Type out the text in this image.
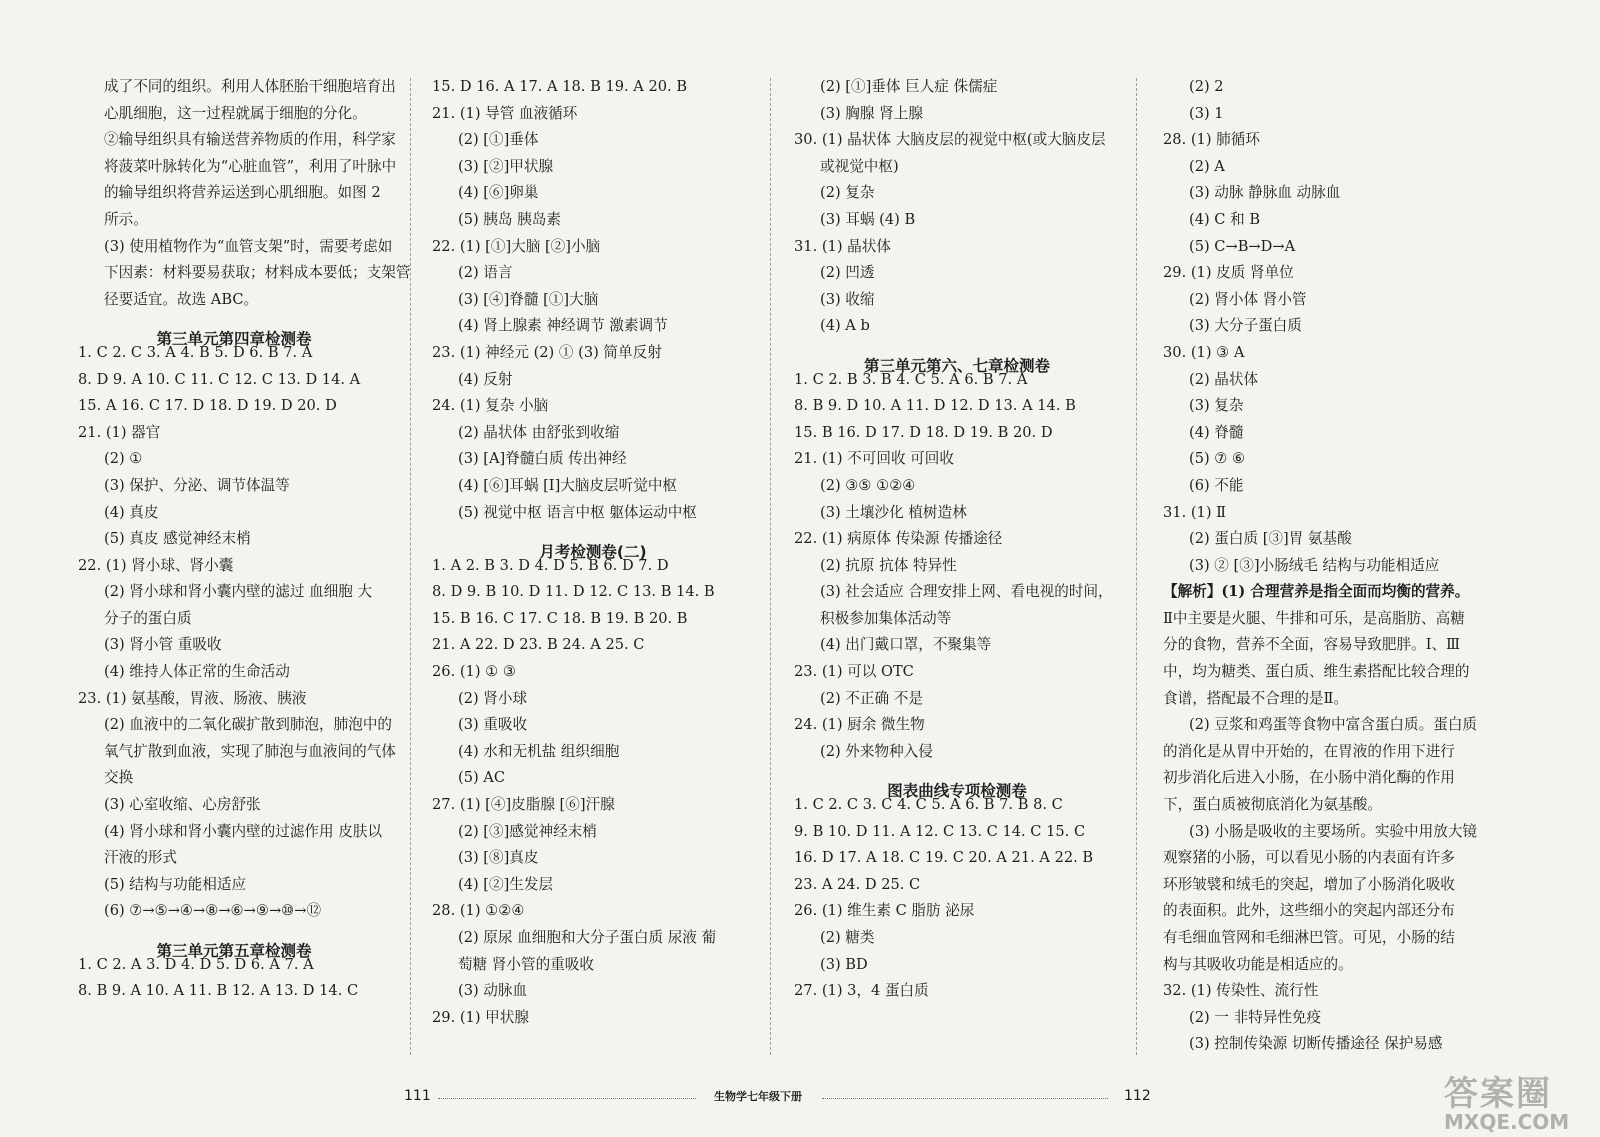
成了不同的组织。利用人体胚胎干细胞培育出
心肌细胞，这一过程就属于细胞的分化。
②输导组织具有输送营养物质的作用，科学家
将菠菜叶脉转化为“心脏血管”，利用了叶脉中
的输导组织将营养运送到心肌细胞。如图 2
所示。
(3) 使用植物作为“血管支架”时，需要考虑如
下因素：材料要易获取；材料成本要低；支架管
径要适宜。故选 ABC。
第三单元第四章检测卷
1. C 2. C 3. A 4. B 5. D 6. B 7. A
8. D 9. A 10. C 11. C 12. C 13. D 14. A
15. A 16. C 17. D 18. D 19. D 20. D
21. (1) 器官
(2) ①
(3) 保护、分泌、调节体温等
(4) 真皮
(5) 真皮 感觉神经末梢
22. (1) 肾小球、肾小囊
(2) 肾小球和肾小囊内壁的滤过 血细胞 大
分子的蛋白质
(3) 肾小管 重吸收
(4) 维持人体正常的生命活动
23. (1) 氨基酸，胃液、肠液、胰液
(2) 血液中的二氧化碳扩散到肺泡，肺泡中的
氧气扩散到血液，实现了肺泡与血液间的气体
交换
(3) 心室收缩、心房舒张
(4) 肾小球和肾小囊内壁的过滤作用 皮肤以
汗液的形式
(5) 结构与功能相适应
(6) ⑦→⑤→④→⑧→⑥→⑨→⑩→⑫
第三单元第五章检测卷
1. C 2. A 3. D 4. D 5. D 6. A 7. A
8. B 9. A 10. A 11. B 12. A 13. D 14. C
15. D 16. A 17. A 18. B 19. A 20. B
21. (1) 导管 血液循环
(2) [①]垂体
(3) [②]甲状腺
(4) [⑥]卵巢
(5) 胰岛 胰岛素
22. (1) [①]大脑 [②]小脑
(2) 语言
(3) [④]脊髓 [①]大脑
(4) 肾上腺素 神经调节 激素调节
23. (1) 神经元 (2) ① (3) 简单反射
(4) 反射
24. (1) 复杂 小脑
(2) 晶状体 由舒张到收缩
(3) [A]脊髓白质 传出神经
(4) [⑥]耳蜗 [Ⅰ]大脑皮层听觉中枢
(5) 视觉中枢 语言中枢 躯体运动中枢
月考检测卷(二)
1. A 2. B 3. D 4. D 5. B 6. D 7. D
8. D 9. B 10. D 11. D 12. C 13. B 14. B
15. B 16. C 17. C 18. B 19. B 20. B
21. A 22. D 23. B 24. A 25. C
26. (1) ① ③
(2) 肾小球
(3) 重吸收
(4) 水和无机盐 组织细胞
(5) AC
27. (1) [④]皮脂腺 [⑥]汗腺
(2) [③]感觉神经末梢
(3) [⑧]真皮
(4) [②]生发层
28. (1) ①②④
(2) 原尿 血细胞和大分子蛋白质 尿液 葡
萄糖 肾小管的重吸收
(3) 动脉血
29. (1) 甲状腺
(2) [①]垂体 巨人症 侏儒症
(3) 胸腺 肾上腺
30. (1) 晶状体 大脑皮层的视觉中枢(或大脑皮层
或视觉中枢)
(2) 复杂
(3) 耳蜗 (4) B
31. (1) 晶状体
(2) 凹透
(3) 收缩
(4) A b
第三单元第六、七章检测卷
1. C 2. B 3. B 4. C 5. A 6. B 7. A
8. B 9. D 10. A 11. D 12. D 13. A 14. B
15. B 16. D 17. D 18. D 19. B 20. D
21. (1) 不可回收 可回收
(2) ③⑤ ①②④
(3) 土壤沙化 植树造林
22. (1) 病原体 传染源 传播途径
(2) 抗原 抗体 特异性
(3) 社会适应 合理安排上网、看电视的时间，
积极参加集体活动等
(4) 出门戴口罩，不聚集等
23. (1) 可以 OTC
(2) 不正确 不是
24. (1) 厨余 微生物
(2) 外来物种入侵
图表曲线专项检测卷
1. C 2. C 3. C 4. C 5. A 6. B 7. B 8. C
9. B 10. D 11. A 12. C 13. C 14. C 15. C
16. D 17. A 18. C 19. C 20. A 21. A 22. B
23. A 24. D 25. C
26. (1) 维生素 C 脂肪 泌尿
(2) 糖类
(3) BD
27. (1) 3，4 蛋白质
(2) 2
(3) 1
28. (1) 肺循环
(2) A
(3) 动脉 静脉血 动脉血
(4) C 和 B
(5) C→B→D→A
29. (1) 皮质 肾单位
(2) 肾小体 肾小管
(3) 大分子蛋白质
30. (1) ③ A
(2) 晶状体
(3) 复杂
(4) 脊髓
(5) ⑦ ⑥
(6) 不能
31. (1) Ⅱ
(2) 蛋白质 [③]胃 氨基酸
(3) ② [③]小肠绒毛 结构与功能相适应
【解析】(1) 合理营养是指全面而均衡的营养。
Ⅱ中主要是火腿、牛排和可乐，是高脂肪、高糖
分的食物，营养不全面，容易导致肥胖。Ⅰ、Ⅲ
中，均为糖类、蛋白质、维生素搭配比较合理的
食谱，搭配最不合理的是Ⅱ。
(2) 豆浆和鸡蛋等食物中富含蛋白质。蛋白质
的消化是从胃中开始的，在胃液的作用下进行
初步消化后进入小肠，在小肠中消化酶的作用
下，蛋白质被彻底消化为氨基酸。
(3) 小肠是吸收的主要场所。实验中用放大镜
观察猪的小肠，可以看见小肠的内表面有许多
环形皱襞和绒毛的突起，增加了小肠消化吸收
的表面积。此外，这些细小的突起内部还分布
有毛细血管网和毛细淋巴管。可见，小肠的结
构与其吸收功能是相适应的。
32. (1) 传染性、流行性
(2) 一 非特异性免疫
(3) 控制传染源 切断传播途径 保护易感
111	生物学七年级下册	112	答案圈
MXQE.COM
